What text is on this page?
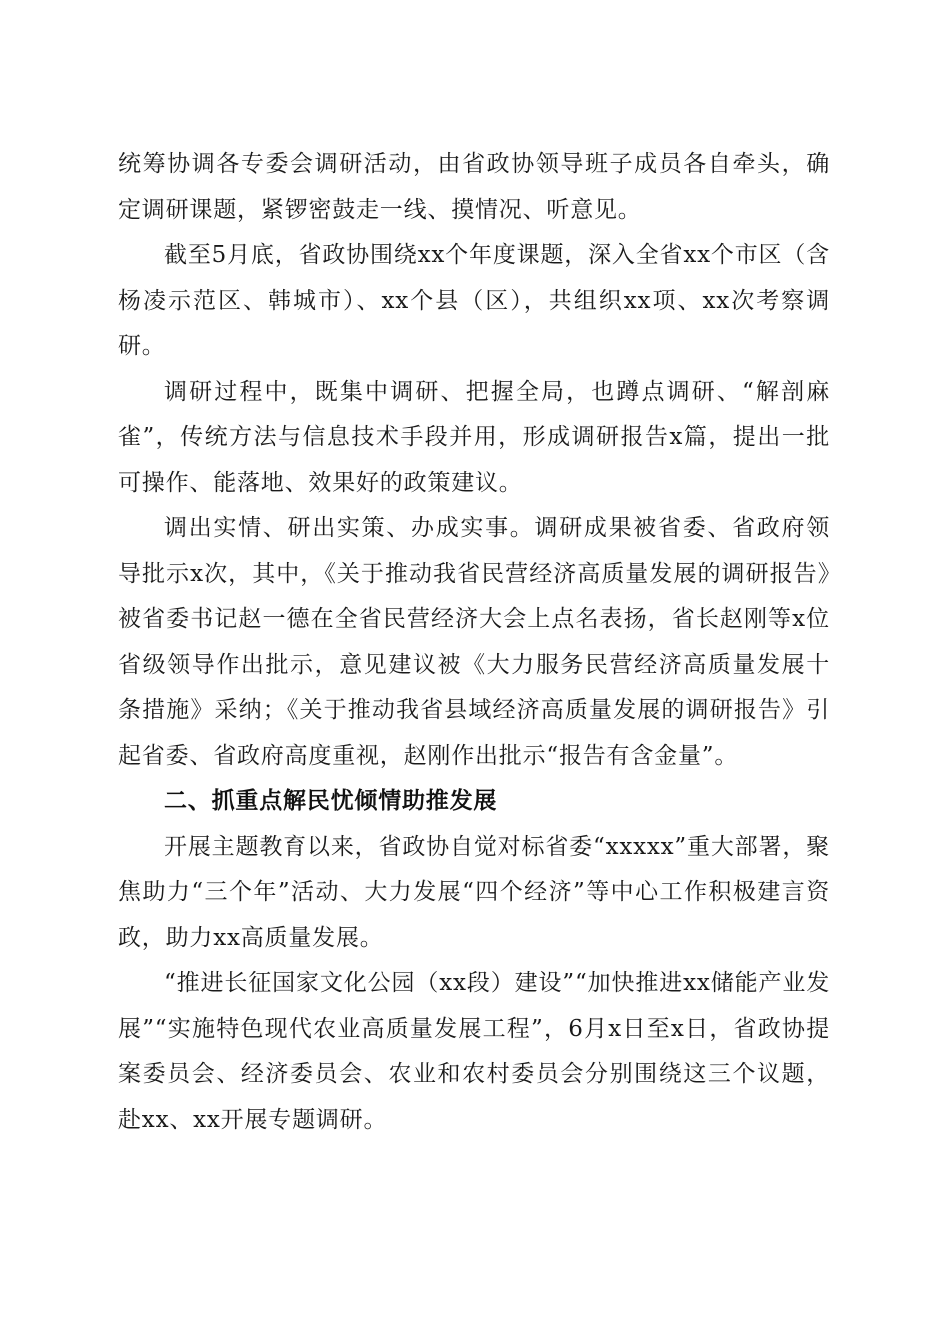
统筹协调各专委会调研活动，由省政协领导班子成员各自牵头，确定调研课题，紧锣密鼓走一线、摸情况、听意见。

截至5月底，省政协围绕xx个年度课题，深入全省xx个市区（含杨凌示范区、韩城市）、xx个县（区），共组织xx项、xx次考察调研。

调研过程中，既集中调研、把握全局，也蹲点调研、“解剖麻雀”，传统方法与信息技术手段并用，形成调研报告x篇，提出一批可操作、能落地、效果好的政策建议。

调出实情、研出实策、办成实事。调研成果被省委、省政府领导批示x次，其中，《关于推动我省民营经济高质量发展的调研报告》被省委书记赵一德在全省民营经济大会上点名表扬，省长赵刚等x位省级领导作出批示，意见建议被《大力服务民营经济高质量发展十条措施》采纳；《关于推动我省县域经济高质量发展的调研报告》引起省委、省政府高度重视，赵刚作出批示“报告有含金量”。

二、抓重点解民忧倾情助推发展

开展主题教育以来，省政协自觉对标省委“xxxxx”重大部署，聚焦助力“三个年”活动、大力发展“四个经济”等中心工作积极建言资政，助力xx高质量发展。

“推进长征国家文化公园（xx段）建设”“加快推进xx储能产业发展”“实施特色现代农业高质量发展工程”，6月x日至x日，省政协提案委员会、经济委员会、农业和农村委员会分别围绕这三个议题，赴xx、xx开展专题调研。
